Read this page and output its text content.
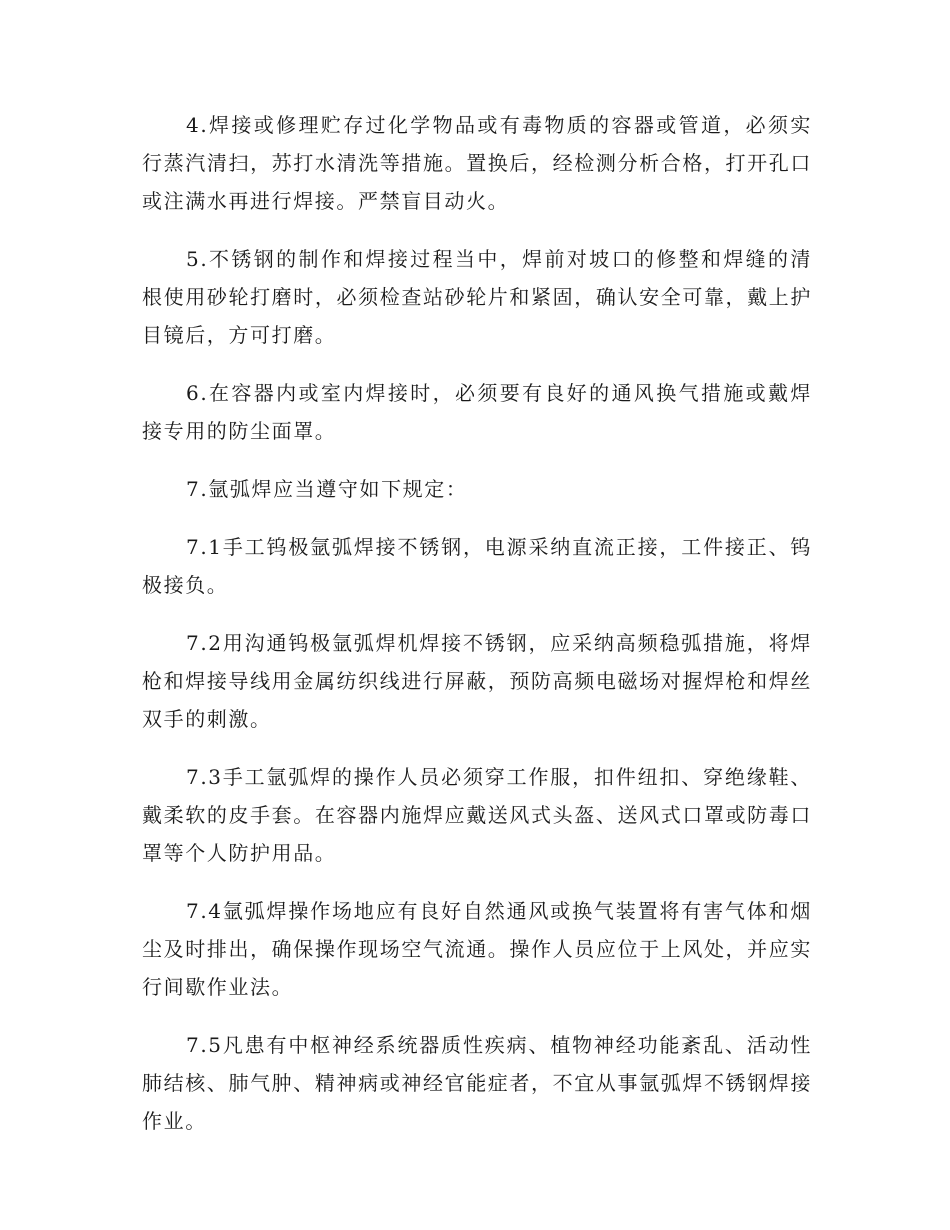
4.焊接或修理贮存过化学物品或有毒物质的容器或管道，必须实行蒸汽清扫，苏打水清洗等措施。置换后，经检测分析合格，打开孔口或注满水再进行焊接。严禁盲目动火。

5.不锈钢的制作和焊接过程当中，焊前对坡口的修整和焊缝的清根使用砂轮打磨时，必须检查站砂轮片和紧固，确认安全可靠，戴上护目镜后，方可打磨。

6.在容器内或室内焊接时，必须要有良好的通风换气措施或戴焊接专用的防尘面罩。

7.氩弧焊应当遵守如下规定：

7.1手工钨极氩弧焊接不锈钢，电源采纳直流正接，工件接正、钨极接负。

7.2用沟通钨极氩弧焊机焊接不锈钢，应采纳高频稳弧措施，将焊枪和焊接导线用金属纺织线进行屏蔽，预防高频电磁场对握焊枪和焊丝双手的刺激。

7.3手工氩弧焊的操作人员必须穿工作服，扣件纽扣、穿绝缘鞋、戴柔软的皮手套。在容器内施焊应戴送风式头盔、送风式口罩或防毒口罩等个人防护用品。

7.4氩弧焊操作场地应有良好自然通风或换气装置将有害气体和烟尘及时排出，确保操作现场空气流通。操作人员应位于上风处，并应实行间歇作业法。

7.5凡患有中枢神经系统器质性疾病、植物神经功能紊乱、活动性肺结核、肺气肿、精神病或神经官能症者，不宜从事氩弧焊不锈钢焊接作业。
